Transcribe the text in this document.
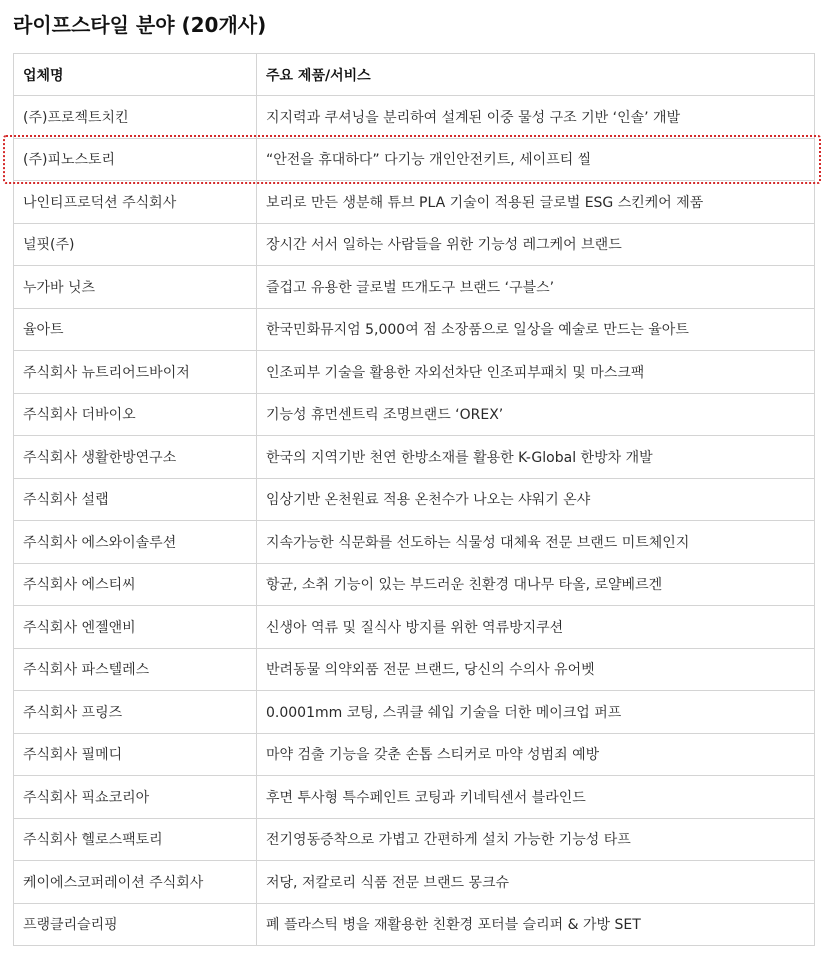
라이프스타일 분야 (20개사)
업체명	주요 제품/서비스
(주)프로젝트치킨	지지력과 쿠셔닝을 분리하여 설계된 이중 물성 구조 기반 ‘인솔’ 개발
(주)피노스토리	“안전을 휴대하다” 다기능 개인안전키트, 세이프티 씰
나인티프로덕션 주식회사	보리로 만든 생분해 튜브 PLA 기술이 적용된 글로벌 ESG 스킨케어 제품
널핏(주)	장시간 서서 일하는 사람들을 위한 기능성 레그케어 브랜드
누가바 닛츠	즐겁고 유용한 글로벌 뜨개도구 브랜드 ‘구블스’
율아트	한국민화뮤지엄 5,000여 점 소장품으로 일상을 예술로 만드는 율아트
주식회사 뉴트리어드바이저	인조피부 기술을 활용한 자외선차단 인조피부패치 및 마스크팩
주식회사 더바이오	기능성 휴먼센트릭 조명브랜드 ‘OREX’
주식회사 생활한방연구소	한국의 지역기반 천연 한방소재를 활용한 K-Global 한방차 개발
주식회사 설랩	임상기반 온천원료 적용 온천수가 나오는 샤워기 온샤
주식회사 에스와이솔루션	지속가능한 식문화를 선도하는 식물성 대체육 전문 브랜드 미트체인지
주식회사 에스티씨	항균, 소취 기능이 있는 부드러운 친환경 대나무 타올, 로얄베르겐
주식회사 엔젤앤비	신생아 역류 및 질식사 방지를 위한 역류방지쿠션
주식회사 파스텔레스	반려동물 의약외품 전문 브랜드, 당신의 수의사 유어벳
주식회사 프링즈	0.0001mm 코팅, 스쿼클 쉐입 기술을 더한 메이크업 퍼프
주식회사 필메디	마약 검출 기능을 갖춘 손톱 스티커로 마약 성범죄 예방
주식회사 픽쇼코리아	후면 투사형 특수페인트 코팅과 키네틱센서 블라인드
주식회사 헬로스팩토리	전기영동증착으로 가볍고 간편하게 설치 가능한 기능성 타프
케이에스코퍼레이션 주식회사	저당, 저칼로리 식품 전문 브랜드 몽크슈
프랭클리슬리핑	폐 플라스틱 병을 재활용한 친환경 포터블 슬리퍼 & 가방 SET
